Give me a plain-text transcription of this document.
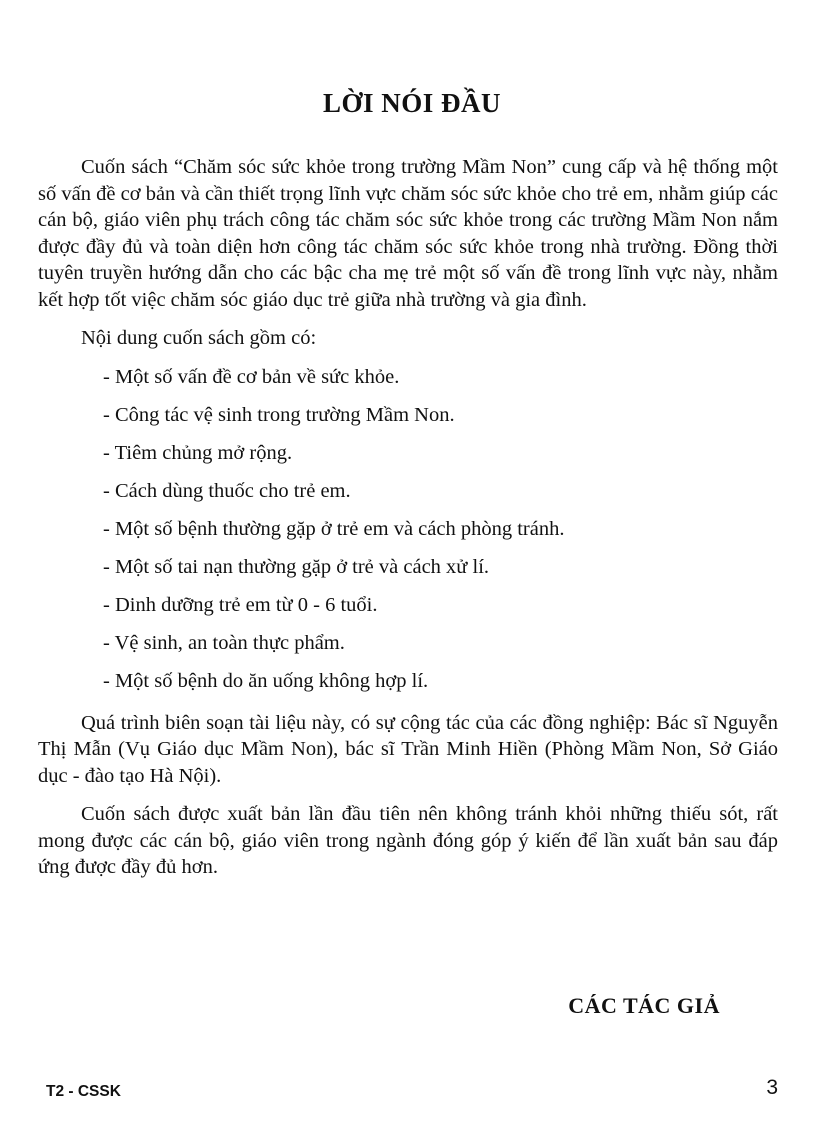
LỜI NÓI ĐẦU

Cuốn sách “Chăm sóc sức khỏe trong trường Mầm Non” cung cấp và hệ thống một số vấn đề cơ bản và cần thiết trọng lĩnh vực chăm sóc sức khỏe cho trẻ em, nhằm giúp các cán bộ, giáo viên phụ trách công tác chăm sóc sức khỏe trong các trường Mầm Non nắm được đầy đủ và toàn diện hơn công tác chăm sóc sức khỏe trong nhà trường. Đồng thời tuyên truyền hướng dẫn cho các bậc cha mẹ trẻ một số vấn đề trong lĩnh vực này, nhằm kết hợp tốt việc chăm sóc giáo dục trẻ giữa nhà trường và gia đình.

Nội dung cuốn sách gồm có:

- Một số vấn đề cơ bản về sức khỏe.
- Công tác vệ sinh trong trường Mầm Non.
- Tiêm chủng mở rộng.
- Cách dùng thuốc cho trẻ em.
- Một số bệnh thường gặp ở trẻ em và cách phòng tránh.
- Một số tai nạn thường gặp ở trẻ và cách xử lí.
- Dinh dưỡng trẻ em từ 0 - 6 tuổi.
- Vệ sinh, an toàn thực phẩm.
- Một số bệnh do ăn uống không hợp lí.

Quá trình biên soạn tài liệu này, có sự cộng tác của các đồng nghiệp: Bác sĩ Nguyễn Thị Mẫn (Vụ Giáo dục Mầm Non), bác sĩ Trần Minh Hiền (Phòng Mầm Non, Sở Giáo dục - đào tạo Hà Nội).

Cuốn sách được xuất bản lần đầu tiên nên không tránh khỏi những thiếu sót, rất mong được các cán bộ, giáo viên trong ngành đóng góp ý kiến để lần xuất bản sau đáp ứng được đầy đủ hơn.

CÁC TÁC GIẢ
T2 - CSSK	3
